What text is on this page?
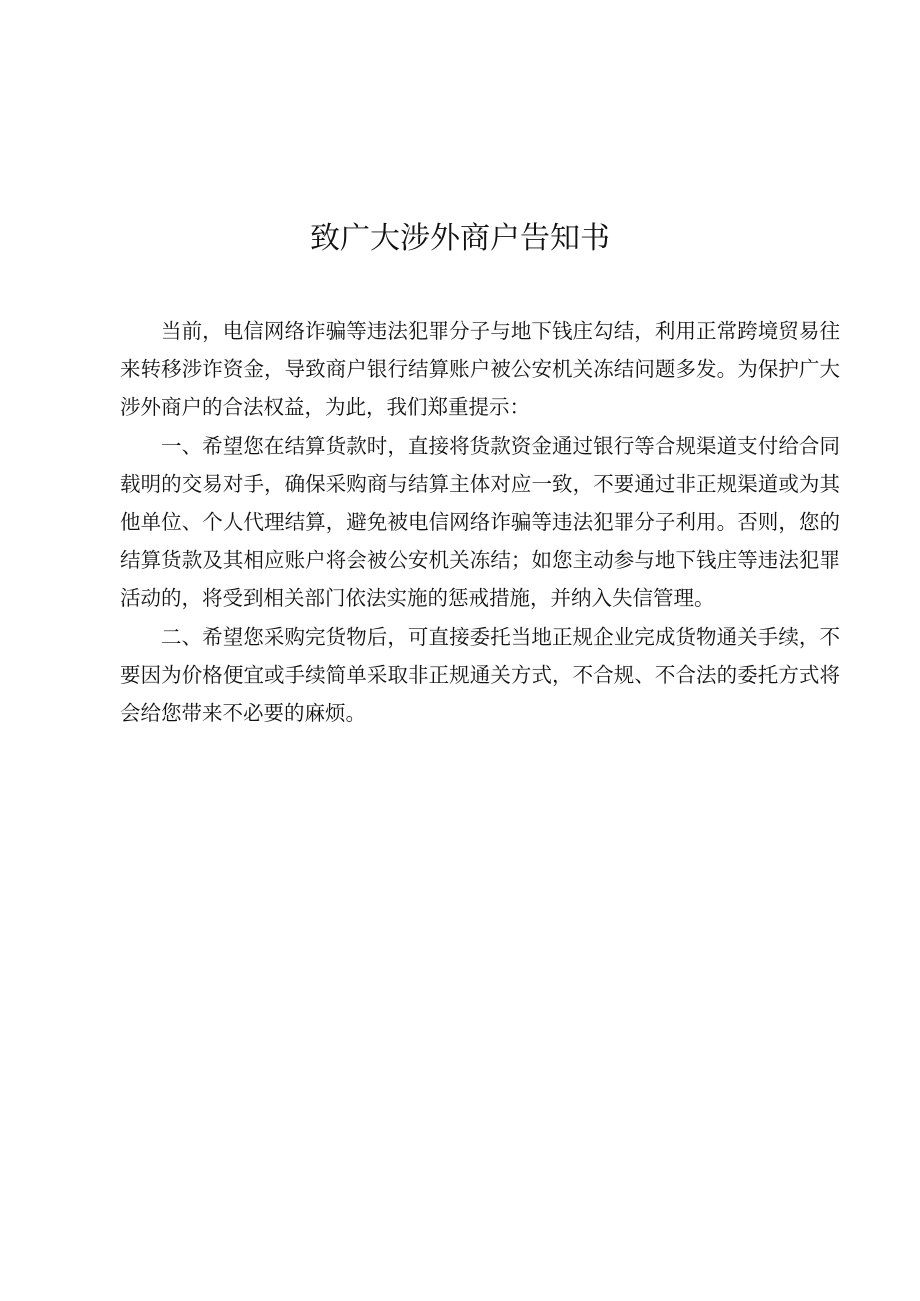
致广大涉外商户告知书

当前，电信网络诈骗等违法犯罪分子与地下钱庄勾结，利用正常跨境贸易往来转移涉诈资金，导致商户银行结算账户被公安机关冻结问题多发。为保护广大涉外商户的合法权益，为此，我们郑重提示：

一、希望您在结算货款时，直接将货款资金通过银行等合规渠道支付给合同载明的交易对手，确保采购商与结算主体对应一致，不要通过非正规渠道或为其他单位、个人代理结算，避免被电信网络诈骗等违法犯罪分子利用。否则，您的结算货款及其相应账户将会被公安机关冻结；如您主动参与地下钱庄等违法犯罪活动的，将受到相关部门依法实施的惩戒措施，并纳入失信管理。

二、希望您采购完货物后，可直接委托当地正规企业完成货物通关手续，不要因为价格便宜或手续简单采取非正规通关方式，不合规、不合法的委托方式将会给您带来不必要的麻烦。
